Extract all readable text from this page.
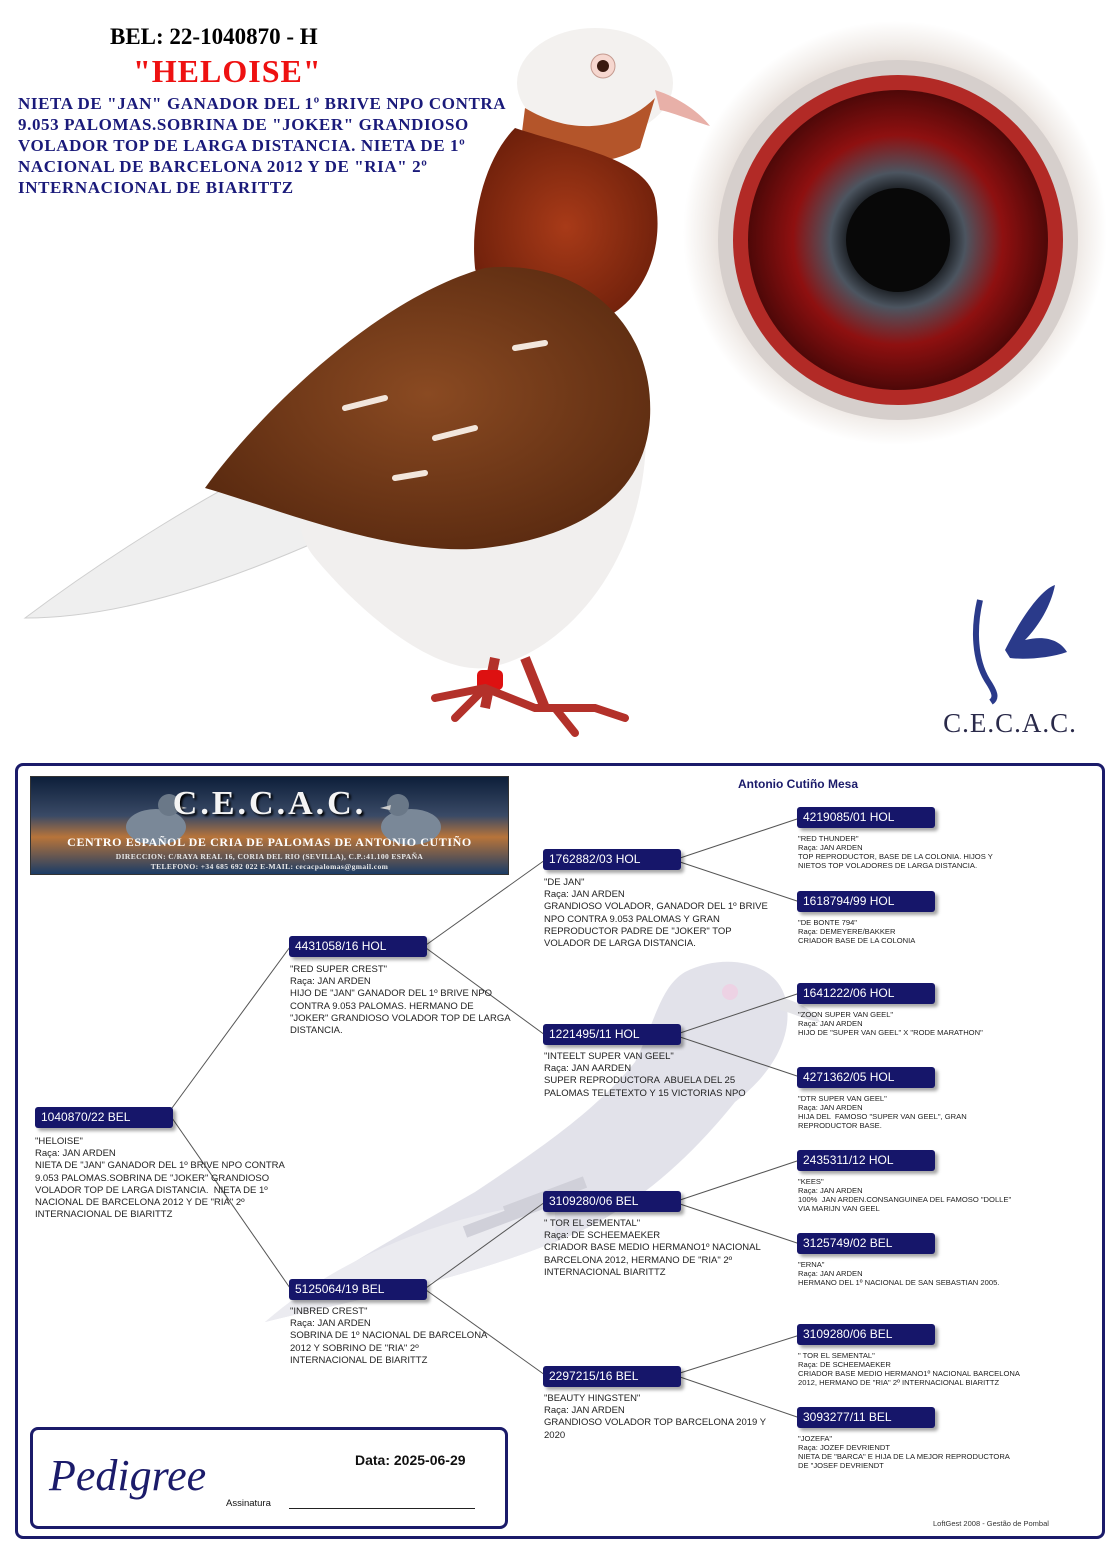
C.E.C.A.C.
BEL: 22-1040870 - H
"HELOISE"
NIETA DE "JAN" GANADOR DEL 1º BRIVE NPO CONTRA 9.053 PALOMAS.SOBRINA DE "JOKER" GRANDIOSO VOLADOR TOP DE LARGA DISTANCIA. NIETA DE 1º NACIONAL DE BARCELONA 2012 Y DE "RIA" 2º INTERNACIONAL DE BIARITTZ
Antonio Cutiño Mesa
C.E.C.A.C.
CENTRO ESPAÑOL DE CRIA DE PALOMAS DE ANTONIO CUTIÑO
DIRECCION: C/RAYA REAL 16, CORIA DEL RIO (SEVILLA), C.P.:41.100 ESPAÑA
TELEFONO: +34 685 692 022 E-MAIL: cecacpalomas@gmail.com
1040870/22 BEL
"HELOISE"
Raça: JAN ARDEN
NIETA DE "JAN" GANADOR DEL 1º BRIVE NPO CONTRA
9.053 PALOMAS.SOBRINA DE "JOKER" GRANDIOSO
VOLADOR TOP DE LARGA DISTANCIA.  NIETA DE 1º
NACIONAL DE BARCELONA 2012 Y DE "RIA" 2º
INTERNACIONAL DE BIARITTZ
4431058/16 HOL
"RED SUPER CREST"
Raça: JAN ARDEN
HIJO DE "JAN" GANADOR DEL 1º BRIVE NPO
CONTRA 9.053 PALOMAS. HERMANO DE
"JOKER" GRANDIOSO VOLADOR TOP DE LARGA
DISTANCIA.
5125064/19 BEL
"INBRED CREST"
Raça: JAN ARDEN
SOBRINA DE 1º NACIONAL DE BARCELONA
2012 Y SOBRINO DE "RIA" 2º
INTERNACIONAL DE BIARITTZ
1762882/03 HOL
"DE JAN"
Raça: JAN ARDEN
GRANDIOSO VOLADOR, GANADOR DEL 1º BRIVE
NPO CONTRA 9.053 PALOMAS Y GRAN
REPRODUCTOR PADRE DE "JOKER" TOP
VOLADOR DE LARGA DISTANCIA.
1221495/11 HOL
"INTEELT SUPER VAN GEEL"
Raça: JAN AARDEN
SUPER REPRODUCTORA  ABUELA DEL 25
PALOMAS TELETEXTO Y 15 VICTORIAS NPO
3109280/06 BEL
" TOR EL SEMENTAL"
Raça: DE SCHEEMAEKER
CRIADOR BASE MEDIO HERMANO1º NACIONAL
BARCELONA 2012, HERMANO DE "RIA" 2º
INTERNACIONAL BIARITTZ
2297215/16 BEL
"BEAUTY HINGSTEN"
Raça: JAN ARDEN
GRANDIOSO VOLADOR TOP BARCELONA 2019 Y
2020
4219085/01 HOL
"RED THUNDER"
Raça: JAN ARDEN
TOP REPRODUCTOR, BASE DE LA COLONIA. HIJOS Y
NIETOS TOP VOLADORES DE LARGA DISTANCIA.
1618794/99 HOL
"DE BONTE 794"
Raça: DEMEYERE/BAKKER
CRIADOR BASE DE LA COLONIA
1641222/06 HOL
"ZOON SUPER VAN GEEL"
Raça: JAN ARDEN
HIJO DE "SUPER VAN GEEL" X "RODE MARATHON"
4271362/05 HOL
"DTR SUPER VAN GEEL"
Raça: JAN ARDEN
HIJA DEL  FAMOSO "SUPER VAN GEEL", GRAN
REPRODUCTOR BASE.
2435311/12 HOL
"KEES"
Raça: JAN ARDEN
100%  JAN ARDEN.CONSANGUINEA DEL FAMOSO "DOLLE"
VIA MARIJN VAN GEEL
3125749/02 BEL
"ERNA"
Raça: JAN ARDEN
HERMANO DEL 1º NACIONAL DE SAN SEBASTIAN 2005.
3109280/06 BEL
" TOR EL SEMENTAL"
Raça: DE SCHEEMAEKER
CRIADOR BASE MEDIO HERMANO1º NACIONAL BARCELONA
2012, HERMANO DE "RIA" 2º INTERNACIONAL BIARITTZ
3093277/11 BEL
"JOZEFA"
Raça: JOZEF DEVRIENDT
NIETA DE "BARCA" E HIJA DE LA MEJOR REPRODUCTORA
DE "JOSEF DEVRIENDT
Pedigree	Data: 2025-06-29
Assinatura
LoftGest 2008 - Gestão de Pombal
